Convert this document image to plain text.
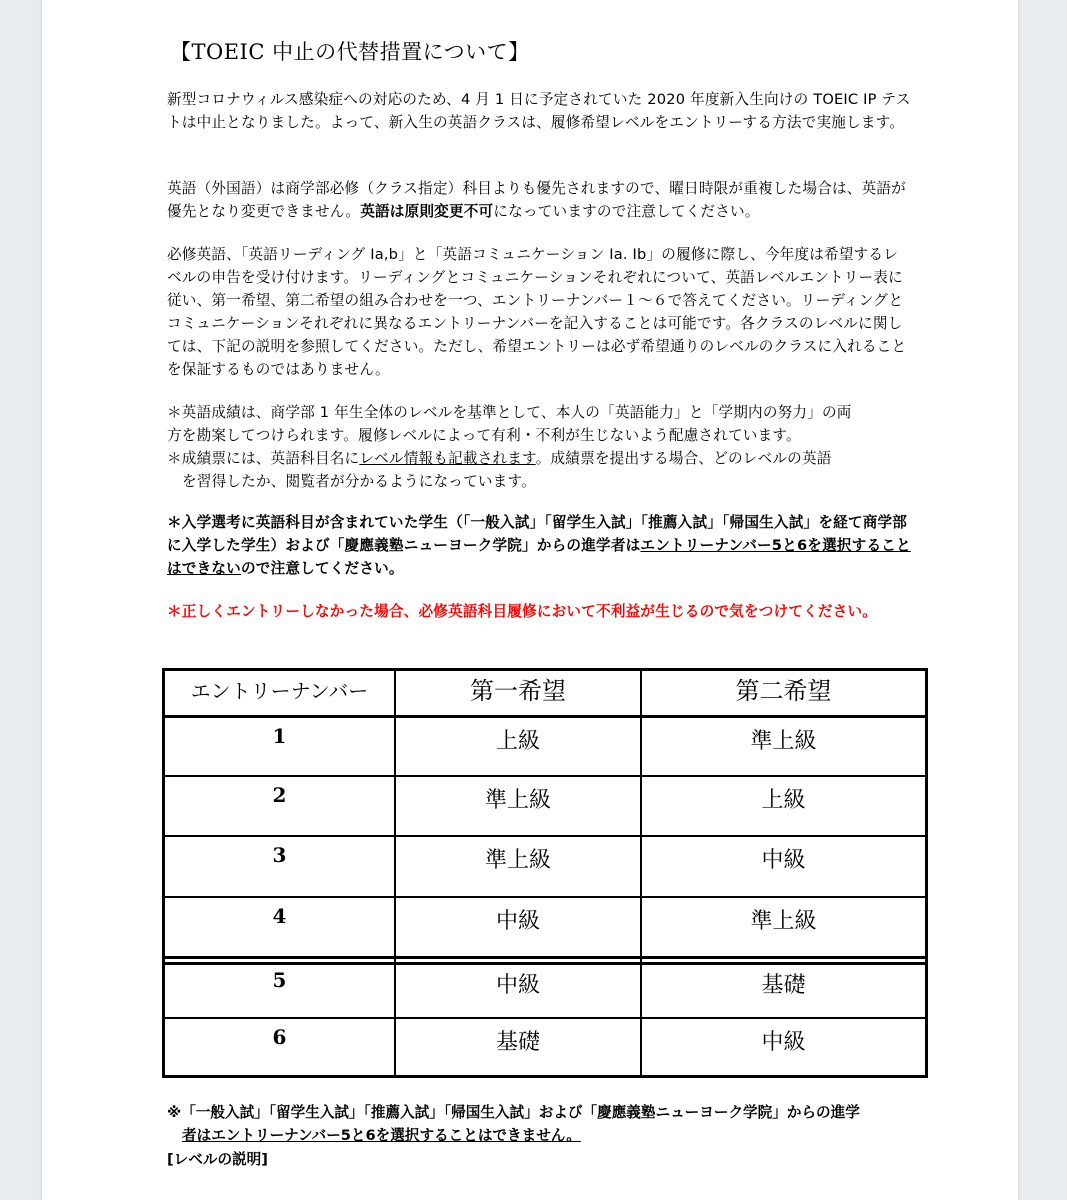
【TOEIC 中止の代替措置について】

新型コロナウィルス感染症への対応のため、4 月 1 日に予定されていた 2020 年度新入生向けの TOEIC IP テストは中止となりました。よって、新入生の英語クラスは、履修希望レベルをエントリーする方法で実施します。

英語（外国語）は商学部必修（クラス指定）科目よりも優先されますので、曜日時限が重複した場合は、英語が優先となり変更できません。英語は原則変更不可になっていますので注意してください。

必修英語、「英語リーディング Ia,b」と「英語コミュニケーション Ia. Ib」の履修に際し、今年度は希望するレベルの申告を受け付けます。リーディングとコミュニケーションそれぞれについて、英語レベルエントリー表に従い、第一希望、第二希望の組み合わせを一つ、エントリーナンバー１～６で答えてください。リーディングとコミュニケーションそれぞれに異なるエントリーナンバーを記入することは可能です。各クラスのレベルに関しては、下記の説明を参照してください。ただし、希望エントリーは必ず希望通りのレベルのクラスに入れることを保証するものではありません。

＊英語成績は、商学部 1 年生全体のレベルを基準として、本人の「英語能力」と「学期内の努力」の両

方を勘案してつけられます。履修レベルによって有利・不利が生じないよう配慮されています。

＊成績票には、英語科目名にレベル情報も記載されます。成績票を提出する場合、どのレベルの英語

を習得したか、閲覧者が分かるようになっています。

＊入学選考に英語科目が含まれていた学生（「一般入試」「留学生入試」「推薦入試」「帰国生入試」を経て商学部に入学した学生）および「慶應義塾ニューヨーク学院」からの進学者はエントリーナンバー5と6を選択することはできないので注意してください。

＊正しくエントリーしなかった場合、必修英語科目履修において不利益が生じるので気をつけてください。

エントリーナンバー	第一希望	第二希望
1	上級	準上級
2	準上級	上級
3	準上級	中級
4	中級	準上級
5	中級	基礎
6	基礎	中級
※「一般入試」「留学生入試」「推薦入試」「帰国生入試」および「慶應義塾ニューヨーク学院」からの進学
者はエントリーナンバー5と6を選択することはできません。
[レベルの説明]
